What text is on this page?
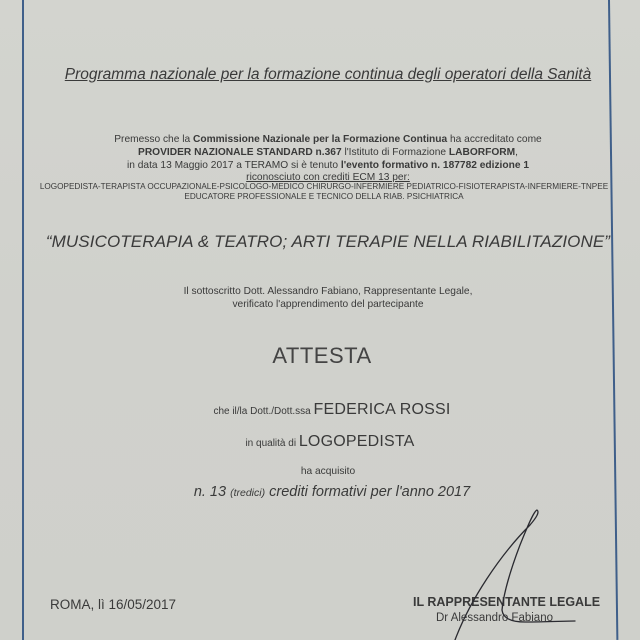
Programma nazionale per la formazione continua degli operatori della Sanità
Premesso che la Commissione Nazionale per la Formazione Continua ha accreditato come
PROVIDER NAZIONALE STANDARD n.367 l'Istituto di Formazione LABORFORM,
in data 13 Maggio 2017 a TERAMO si è tenuto l'evento formativo n. 187782 edizione 1
riconosciuto con crediti ECM 13 per:
LOGOPEDISTA-TERAPISTA OCCUPAZIONALE-PSICOLOGO-MEDICO CHIRURGO-INFERMIERE PEDIATRICO-FISIOTERAPISTA-INFERMIERE-TNPEE
EDUCATORE PROFESSIONALE E TECNICO DELLA RIAB. PSICHIATRICA
“MUSICOTERAPIA & TEATRO; ARTI TERAPIE NELLA RIABILITAZIONE”
Il sottoscritto Dott. Alessandro Fabiano, Rappresentante Legale,
verificato l'apprendimento del partecipante
ATTESTA
che il/la Dott./Dott.ssa FEDERICA ROSSI
in qualità di LOGOPEDISTA
ha acquisito
n. 13 (tredici) crediti formativi per l'anno 2017
ROMA, lì 16/05/2017	IL RAPPRESENTANTE LEGALE
Dr Alessandro Fabiano
